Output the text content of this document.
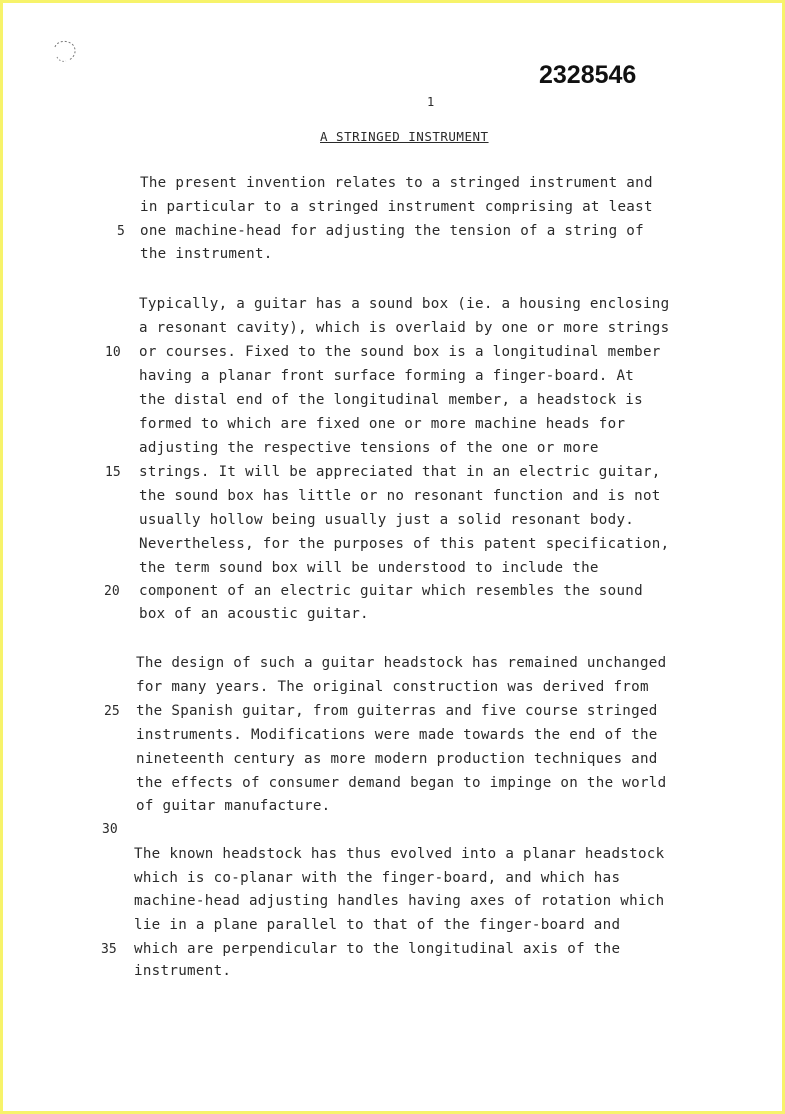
2328546
1
A STRINGED INSTRUMENT
The present invention relates to a stringed instrument and
in particular to a stringed instrument comprising at least
one machine-head for adjusting the tension of a string of
the instrument.
Typically, a guitar has a sound box (ie. a housing enclosing
a resonant cavity), which is overlaid by one or more strings
or courses. Fixed to the sound box is a longitudinal member
having a planar front surface forming a finger-board. At
the distal end of the longitudinal member, a headstock is
formed to which are fixed one or more machine heads for
adjusting the respective tensions of the one or more
strings. It will be appreciated that in an electric guitar,
the sound box has little or no resonant function and is not
usually hollow being usually just a solid resonant body.
Nevertheless, for the purposes of this patent specification,
the term sound box will be understood to include the
component of an electric guitar which resembles the sound
box of an acoustic guitar.
The design of such a guitar headstock has remained unchanged
for many years. The original construction was derived from
the Spanish guitar, from guiterras and five course stringed
instruments. Modifications were made towards the end of the
nineteenth century as more modern production techniques and
the effects of consumer demand began to impinge on the world
of guitar manufacture.
The known headstock has thus evolved into a planar headstock
which is co-planar with the finger-board, and which has
machine-head adjusting handles having axes of rotation which
lie in a plane parallel to that of the finger-board and
which are perpendicular to the longitudinal axis of the
instrument.
5
10
15
20
25
30
35
